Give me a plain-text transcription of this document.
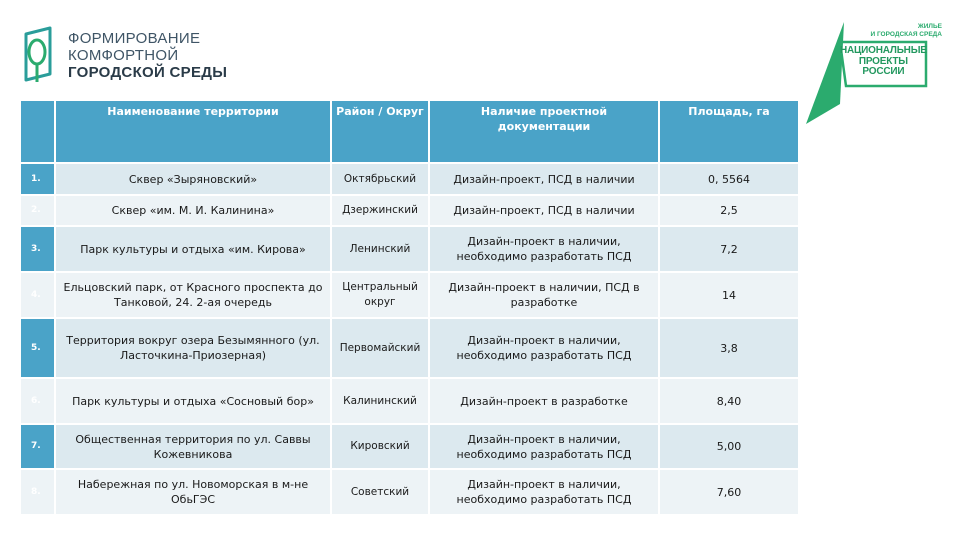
ФОРМИРОВАНИЕ
КОМФОРТНОЙ
ГОРОДСКОЙ СРЕДЫ
ЖИЛЬЕ
И ГОРОДСКАЯ СРЕДА
НАЦИОНАЛЬНЫЕ
ПРОЕКТЫ
РОССИИ
	Наименование территории	Район / Округ	Наличие проектной документации	Площадь, га
1.	Сквер «Зыряновский»	Октябрьский	Дизайн-проект, ПСД в наличии	0, 5564
2.	Сквер «им. М. И. Калинина»	Дзержинский	Дизайн-проект, ПСД в наличии	2,5
3.	Парк культуры и отдыха «им. Кирова»	Ленинский	Дизайн-проект в наличии, необходимо разработать ПСД	7,2
4.	Ельцовский парк, от Красного проспекта до Танковой, 24. 2-ая очередь	Центральный округ	Дизайн-проект в наличии, ПСД в разработке	14
5.	Территория вокруг озера Безымянного (ул. Ласточкина-Приозерная)	Первомайский	Дизайн-проект в наличии, необходимо разработать ПСД	3,8
6.	Парк культуры и отдыха «Сосновый бор»	Калининский	Дизайн-проект в разработке	8,40
7.	Общественная территория по ул. Саввы Кожевникова	Кировский	Дизайн-проект в наличии, необходимо разработать ПСД	5,00
8.	Набережная по ул. Новоморская в м-не ОбьГЭС	Советский	Дизайн-проект в наличии, необходимо разработать ПСД	7,60
